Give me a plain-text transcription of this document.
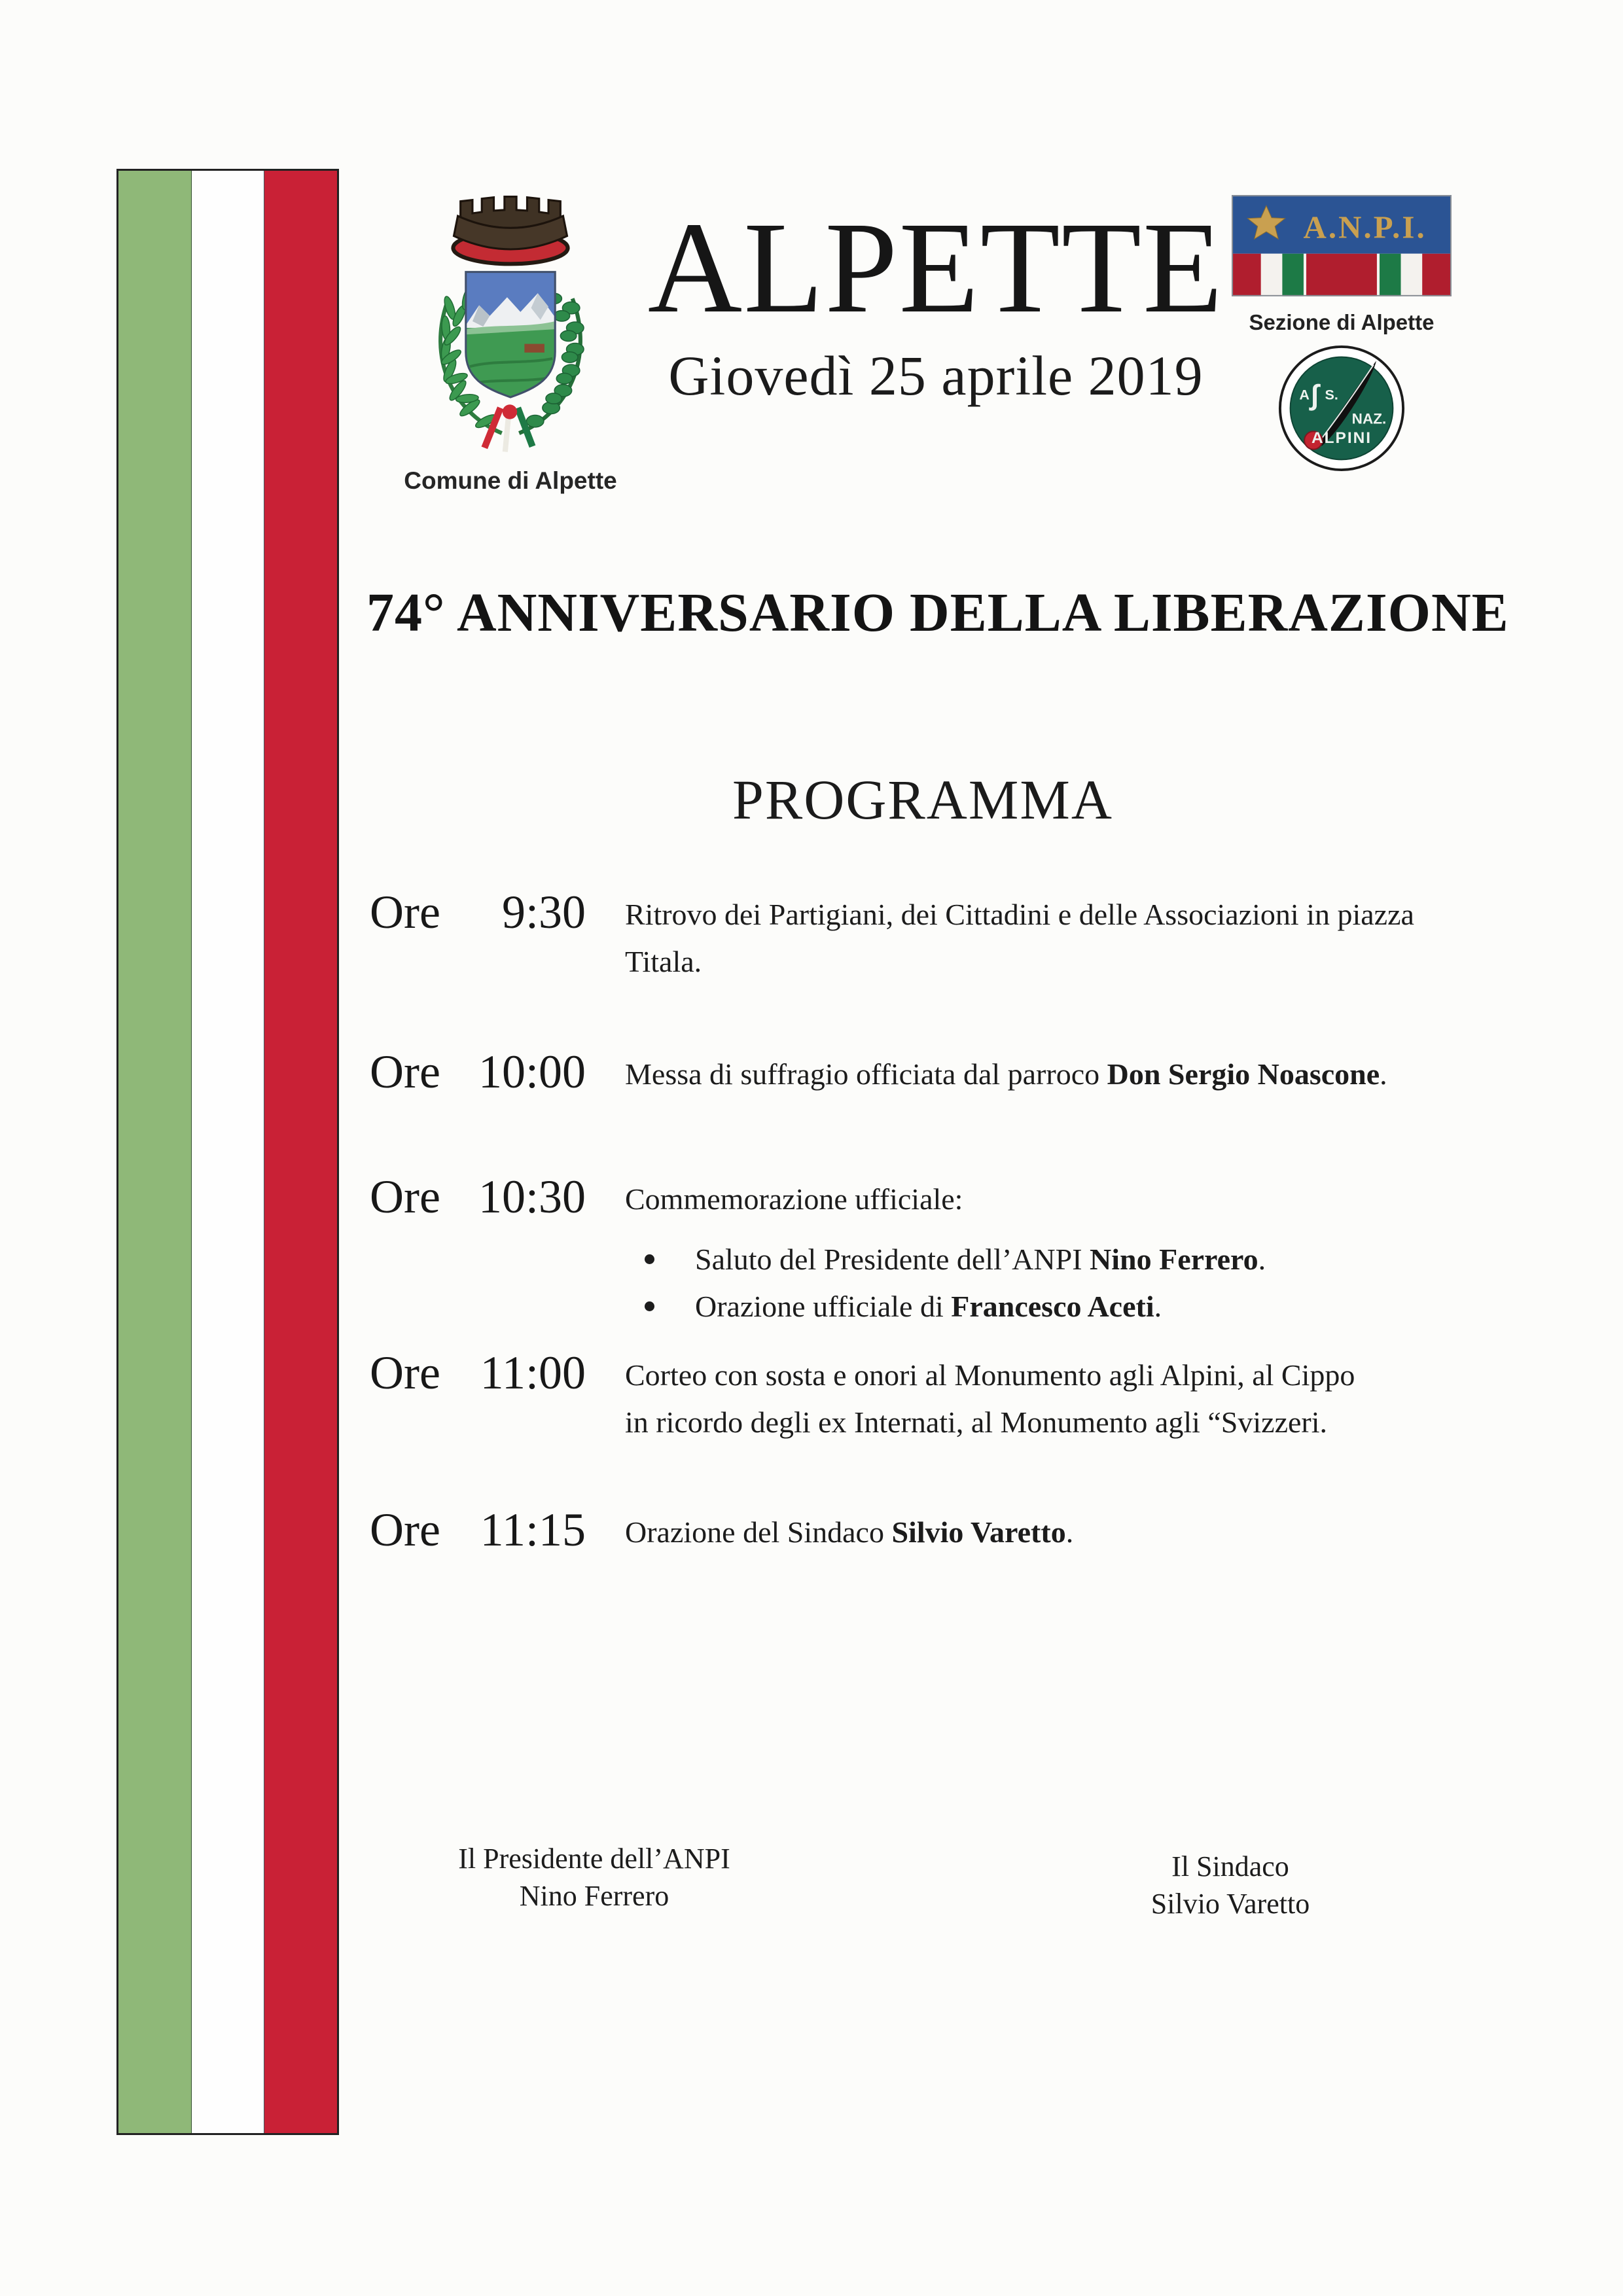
Comune di Alpette
ALPETTE
Giovedì 25 aprile 2019
A.N.P.I.
Sezione di Alpette
A ∫ S.
NAZ.
ALPINI
74° ANNIVERSARIO DELLA LIBERAZIONE
PROGRAMMA
Ore 9:30 Ritrovo dei Partigiani, dei Cittadini e delle Associazioni in piazza
Titala.
Ore 10:00 Messa di suffragio officiata dal parroco Don Sergio Noascone.
Ore 10:30 Commemorazione ufficiale:
Saluto del Presidente dell’ANPI Nino Ferrero.
Orazione ufficiale di Francesco Aceti.
Ore 11:00 Corteo con sosta e onori al Monumento agli Alpini, al Cippo
in ricordo degli ex Internati, al Monumento agli “Svizzeri.
Ore 11:15 Orazione del Sindaco Silvio Varetto.
Il Presidente dell’ANPI
Nino Ferrero
Il Sindaco
Silvio Varetto
